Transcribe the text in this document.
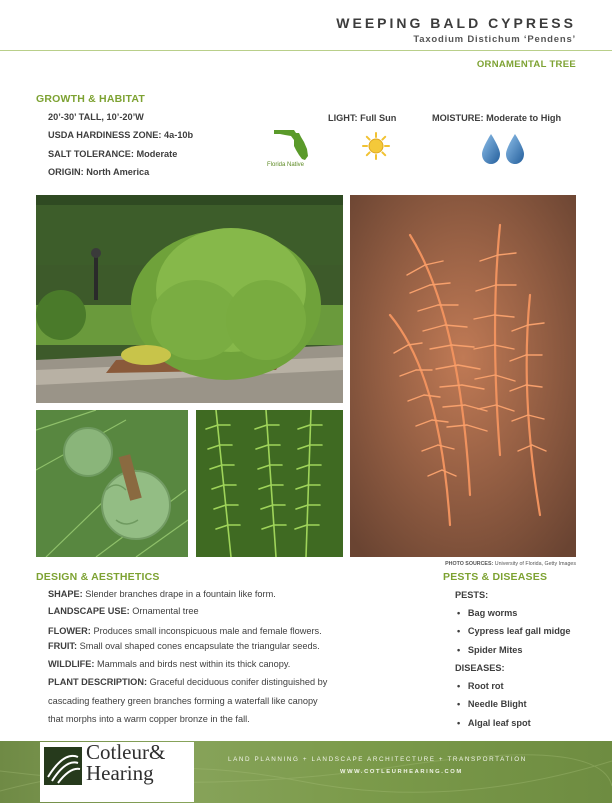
WEEPING BALD CYPRESS
Taxodium Distichum ‘Pendens’
ORNAMENTAL TREE
GROWTH & HABITAT
20’-30’ TALL, 10’-20’W
USDA HARDINESS ZONE: 4a-10b
SALT TOLERANCE: Moderate
ORIGIN: North America
Florida Native
LIGHT: Full Sun	MOISTURE: Moderate to High
PHOTO SOURCES: University of Florida, Getty Images
DESIGN & AESTHETICS
SHAPE: Slender branches drape in a fountain like form.
LANDSCAPE USE: Ornamental tree
FLOWER: Produces small inconspicuous male and female flowers.
FRUIT: Small oval shaped cones encapsulate the triangular seeds.
WILDLIFE: Mammals and birds nest within its thick canopy.
PLANT DESCRIPTION: Graceful deciduous conifer distinguished by
cascading feathery green branches forming a waterfall like canopy
that morphs into a warm copper bronze in the fall.
PESTS & DISEASES
PESTS:
• Bag worms
• Cypress leaf gall midge
• Spider Mites
DISEASES:
• Root rot
• Needle Blight
• Algal leaf spot
Cotleur&
Hearing
LAND PLANNING + LANDSCAPE ARCHITECTURE + TRANSPORTATION
WWW.COTLEURHEARING.COM
